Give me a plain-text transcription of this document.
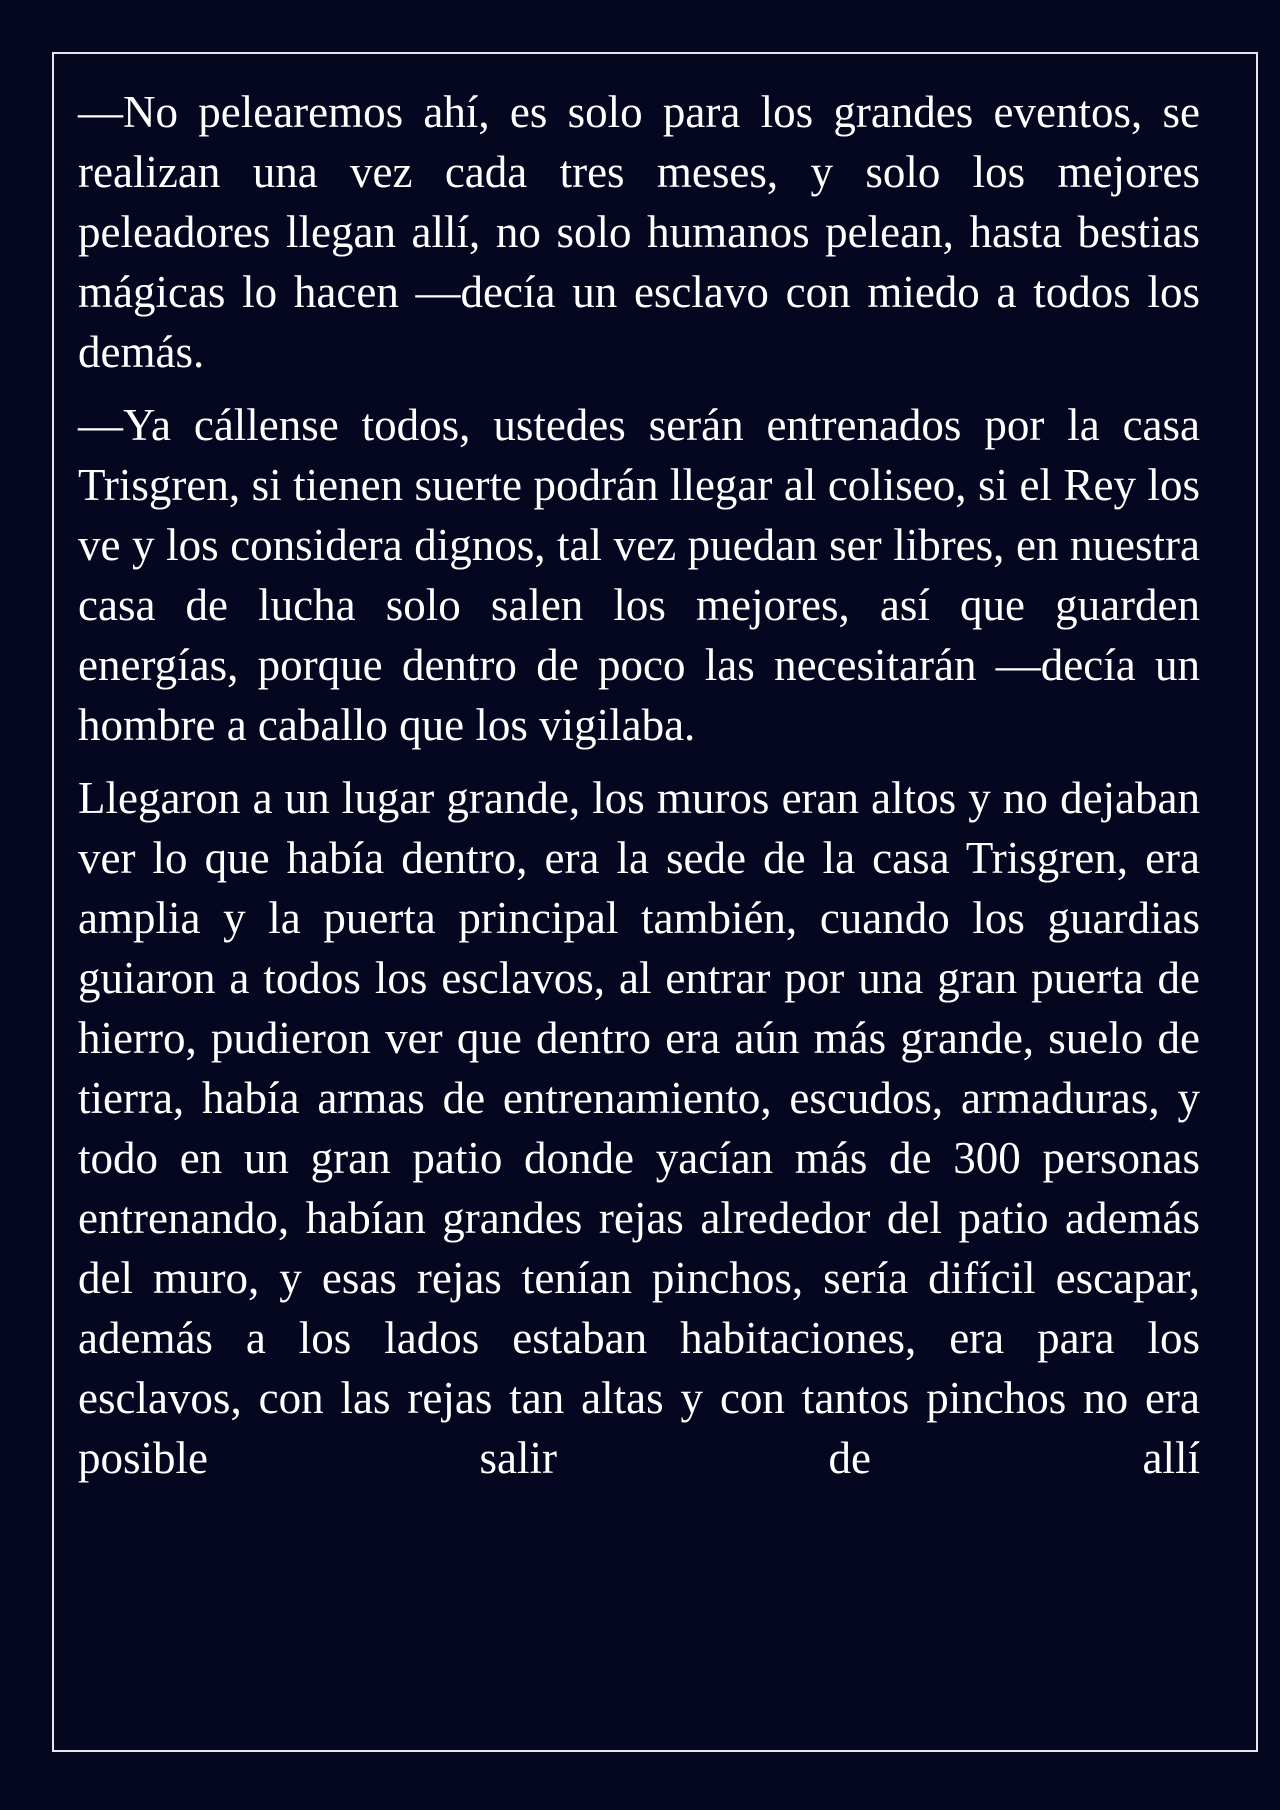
—No pelearemos ahí, es solo para los grandes eventos, se realizan una vez cada tres meses, y solo los mejores peleadores llegan allí, no solo humanos pelean, hasta bestias mágicas lo hacen —decía un esclavo con miedo a todos los demás.

—Ya cállense todos, ustedes serán entrenados por la casa Trisgren, si tienen suerte podrán llegar al coliseo, si el Rey los ve y los considera dignos, tal vez puedan ser libres, en nuestra casa de lucha solo salen los mejores, así que guarden energías, porque dentro de poco las necesitarán —decía un hombre a caballo que los vigilaba.

Llegaron a un lugar grande, los muros eran altos y no dejaban ver lo que había dentro, era la sede de la casa Trisgren, era amplia y la puerta principal también, cuando los guardias guiaron a todos los esclavos, al entrar por una gran puerta de hierro, pudieron ver que dentro era aún más grande, suelo de tierra, había armas de entrenamiento, escudos, armaduras, y todo en un gran patio donde yacían más de 300 personas entrenando, habían grandes rejas alrededor del patio además del muro, y esas rejas tenían pinchos, sería difícil escapar, además a los lados estaban habitaciones, era para los esclavos, con las rejas tan altas y con tantos pinchos no era posible salir de allí
